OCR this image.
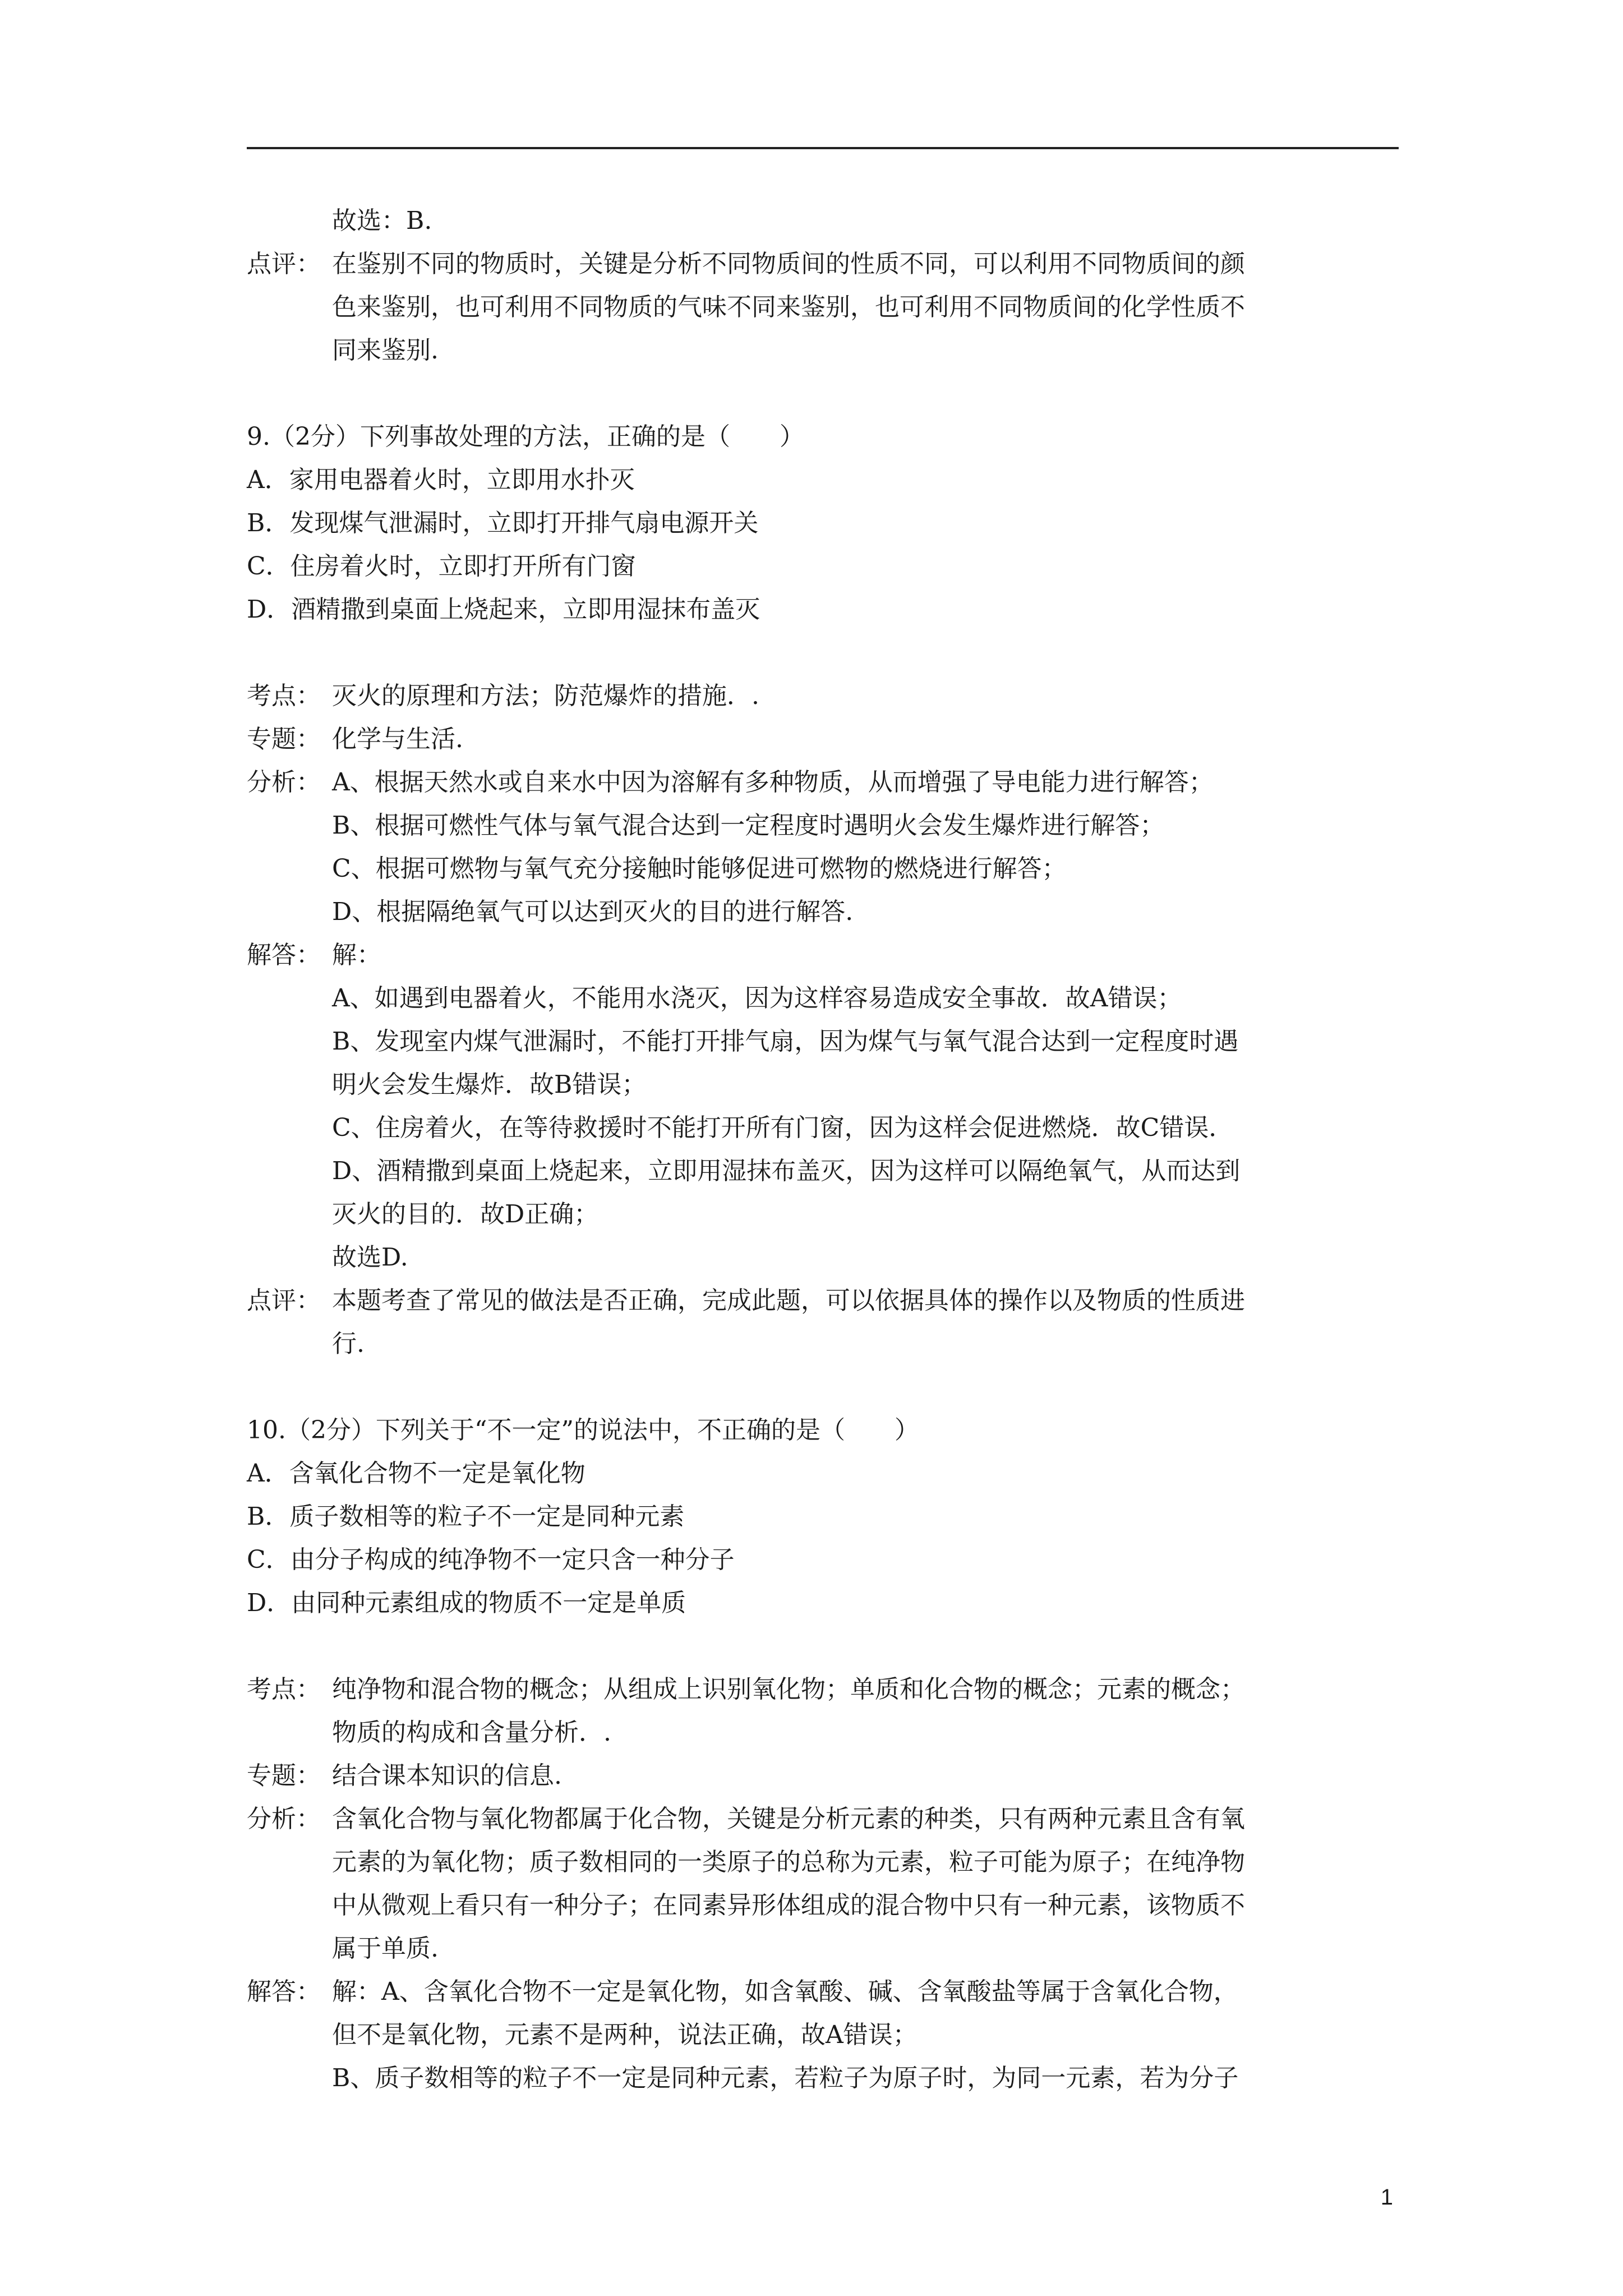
故选：B.
点评： 在鉴别不同的物质时，关键是分析不同物质间的性质不同，可以利用不同物质间的颜
色来鉴别，也可利用不同物质的气味不同来鉴别，也可利用不同物质间的化学性质不
同来鉴别.
9.（2分）下列事故处理的方法，正确的是（　　）
A．家用电器着火时，立即用水扑灭
B．发现煤气泄漏时，立即打开排气扇电源开关
C．住房着火时，立即打开所有门窗
D．酒精撒到桌面上烧起来，立即用湿抹布盖灭
考点： 灭火的原理和方法；防范爆炸的措施．.
专题： 化学与生活.
分析： A、根据天然水或自来水中因为溶解有多种物质，从而增强了导电能力进行解答；
B、根据可燃性气体与氧气混合达到一定程度时遇明火会发生爆炸进行解答；
C、根据可燃物与氧气充分接触时能够促进可燃物的燃烧进行解答；
D、根据隔绝氧气可以达到灭火的目的进行解答.
解答： 解：
A、如遇到电器着火，不能用水浇灭，因为这样容易造成安全事故．故A错误；
B、发现室内煤气泄漏时，不能打开排气扇，因为煤气与氧气混合达到一定程度时遇
明火会发生爆炸．故B错误；
C、住房着火，在等待救援时不能打开所有门窗，因为这样会促进燃烧．故C错误．
D、酒精撒到桌面上烧起来，立即用湿抹布盖灭，因为这样可以隔绝氧气，从而达到
灭火的目的．故D正确；
故选D.
点评： 本题考查了常见的做法是否正确，完成此题，可以依据具体的操作以及物质的性质进
行.
10.（2分）下列关于“不一定”的说法中，不正确的是（　　）
A．含氧化合物不一定是氧化物
B．质子数相等的粒子不一定是同种元素
C．由分子构成的纯净物不一定只含一种分子
D．由同种元素组成的物质不一定是单质
考点： 纯净物和混合物的概念；从组成上识别氧化物；单质和化合物的概念；元素的概念；
物质的构成和含量分析．.
专题： 结合课本知识的信息.
分析： 含氧化合物与氧化物都属于化合物，关键是分析元素的种类，只有两种元素且含有氧
元素的为氧化物；质子数相同的一类原子的总称为元素，粒子可能为原子；在纯净物
中从微观上看只有一种分子；在同素异形体组成的混合物中只有一种元素，该物质不
属于单质.
解答： 解：A、含氧化合物不一定是氧化物，如含氧酸、碱、含氧酸盐等属于含氧化合物，
但不是氧化物，元素不是两种，说法正确，故A错误；
B、质子数相等的粒子不一定是同种元素，若粒子为原子时，为同一元素，若为分子
1
